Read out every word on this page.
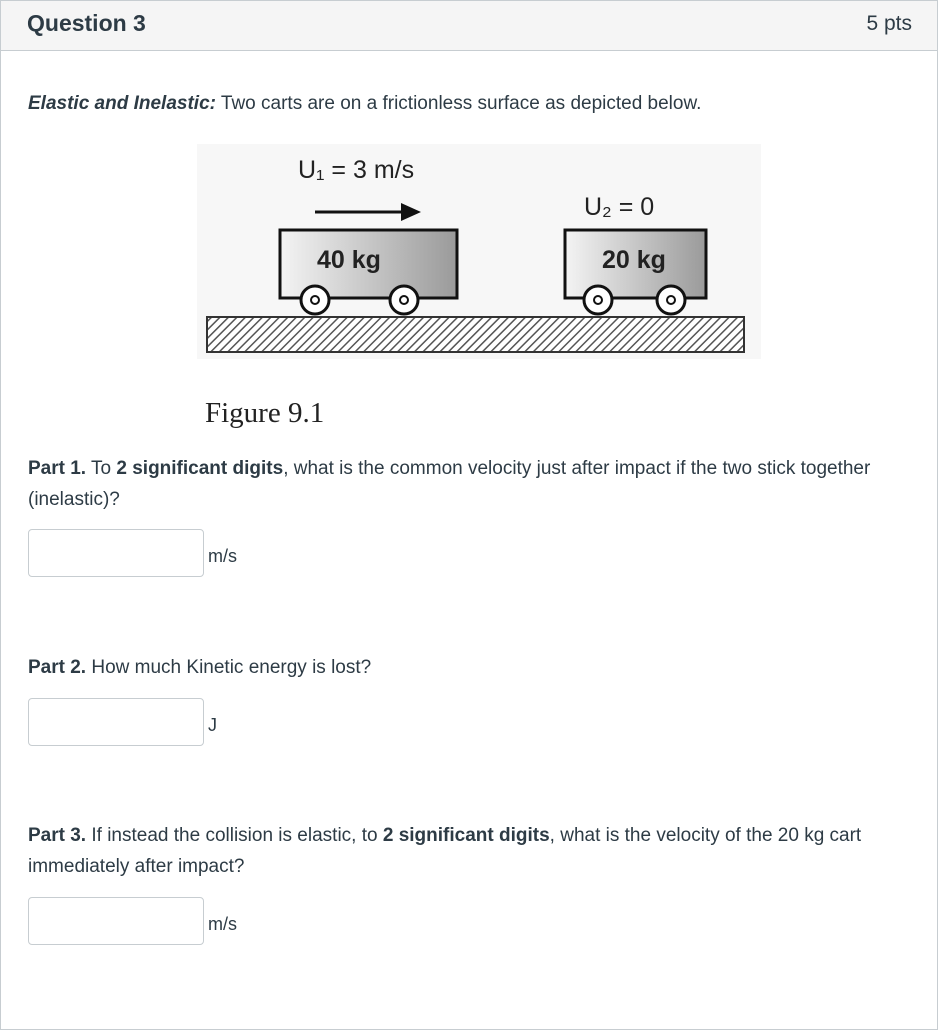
Question 3	5 pts
Elastic and Inelastic: Two carts are on a frictionless surface as depicted below.
U₁ = 3 m/s
U₂ = 0
40 kg	20 kg
Figure 9.1
Part 1. To 2 significant digits, what is the common velocity just after impact if the two stick together (inelastic)?
m/s
Part 2. How much Kinetic energy is lost?
J
Part 3. If instead the collision is elastic, to 2 significant digits, what is the velocity of the 20 kg cart immediately after impact?
m/s
